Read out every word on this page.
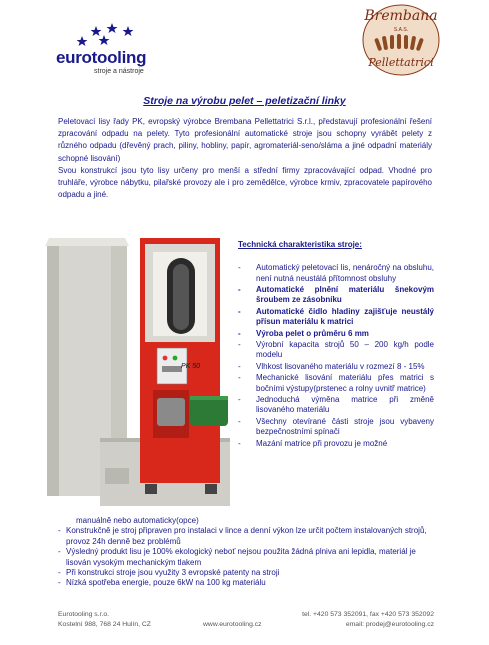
eurotooling
stroje a nástroje
Brembana
S.A.S.
Pellettatrici
Stroje na výrobu pelet – peletizační linky

Peletovací lisy řady PK, evropský výrobce Brembana Pellettatrici S.r.l., představují profesionální řešení zpracování odpadu na pelety. Tyto profesionální automatické stroje jsou schopny vyrábět pelety z různého odpadu (dřevěný prach, piliny, hobliny, papír, agromateriál-seno/sláma a jiné odpadní materiály schopné lisování)

Svou konstrukcí jsou tyto lisy určeny pro menší a střední firmy zpracovávající odpad. Vhodné pro truhláře, výrobce nábytku, pilařské provozy ale i pro zemědělce, výrobce krmiv, zpracovatele papírového odpadu a jiné.

PK 50
Technická charakteristika stroje:
- Automatický peletovací lis, nenáročný na obsluhu, není nutná neustálá přítomnost obsluhy
- Automatické plnění materiálu šnekovým šroubem ze zásobníku
- Automatické čidlo hladiny zajišťuje neustálý přísun materiálu k matrici
- Výroba pelet o průměru 6 mm
- Výrobní kapacita strojů 50 – 200 kg/h podle modelu
- Vlhkost lisovaného materiálu v rozmezí 8 - 15%
- Mechanické lisování materiálu přes matrici s bočními výstupy(prstenec a rolny uvnitř matrice)
- Jednoduchá výměna matrice při změně lisovaného materiálu
- Všechny otevírané části stroje jsou vybaveny bezpečnostními spínači
- Mazání matrice při provozu je možné
manuálně nebo automaticky(opce)
- Konstrukčně je stroj připraven pro instalaci v lince a denní výkon lze určit počtem instalovaných strojů, provoz 24h denně bez problémů
- Výsledný produkt lisu je 100% ekologický neboť nejsou použita žádná plniva ani lepidla, materiál je lisován vysokým mechanickým tlakem
- Při konstrukci stroje jsou využity 3 evropské patenty na stroji
- Nízká spotřeba energie, pouze 6kW na 100 kg materiálu
Eurotooling s.r.o.	tel. +420 573 352091, fax +420 573 352092
Kostelní 988, 768 24 Hulín, CZ	www.eurotooling.cz	email: prodej@eurotooling.cz
